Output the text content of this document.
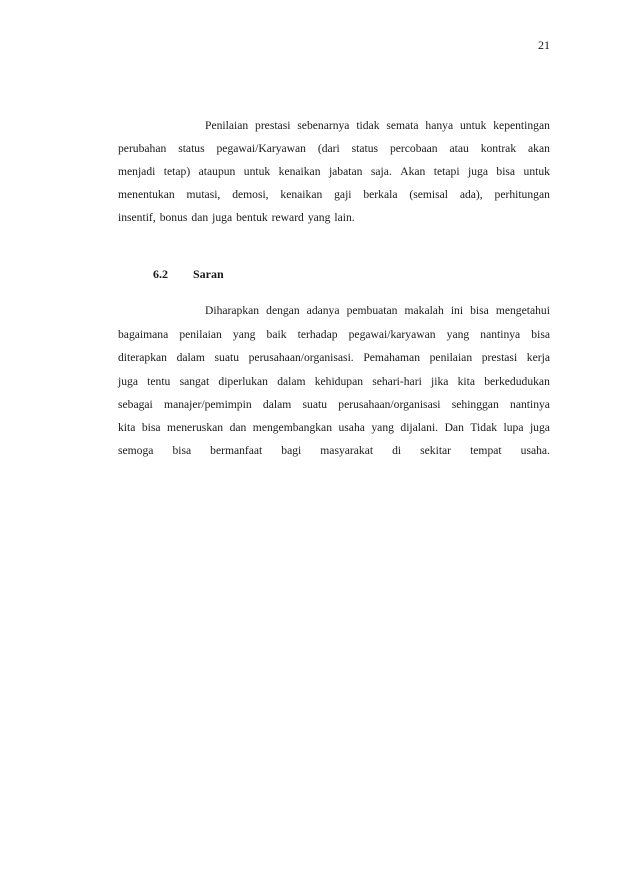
21
Penilaian prestasi sebenarnya tidak semata hanya untuk kepentingan
perubahan status pegawai/Karyawan (dari status percobaan atau kontrak akan
menjadi tetap) ataupun untuk kenaikan jabatan saja. Akan tetapi juga bisa untuk
menentukan mutasi, demosi, kenaikan gaji berkala (semisal ada), perhitungan
insentif, bonus dan juga bentuk reward yang lain.
6.2 Saran
Diharapkan dengan adanya pembuatan makalah ini bisa mengetahui
bagaimana penilaian yang baik terhadap pegawai/karyawan yang nantinya bisa
diterapkan dalam suatu perusahaan/organisasi. Pemahaman penilaian prestasi kerja
juga tentu sangat diperlukan dalam kehidupan sehari-hari jika kita berkedudukan
sebagai manajer/pemimpin dalam suatu perusahaan/organisasi sehinggan nantinya
kita bisa meneruskan dan mengembangkan usaha yang dijalani. Dan Tidak lupa juga
semoga bisa bermanfaat bagi masyarakat di sekitar tempat usaha.
